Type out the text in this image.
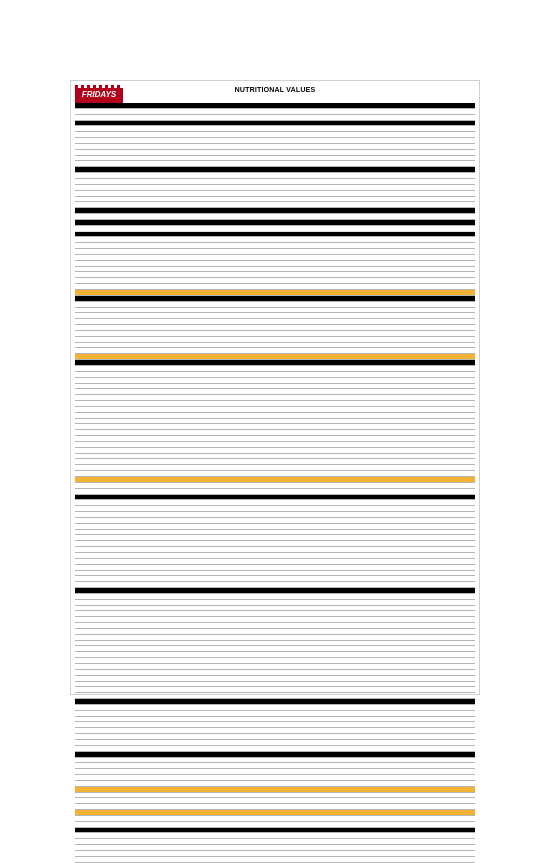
FRIDAYS	NUTRITIONAL VALUES
